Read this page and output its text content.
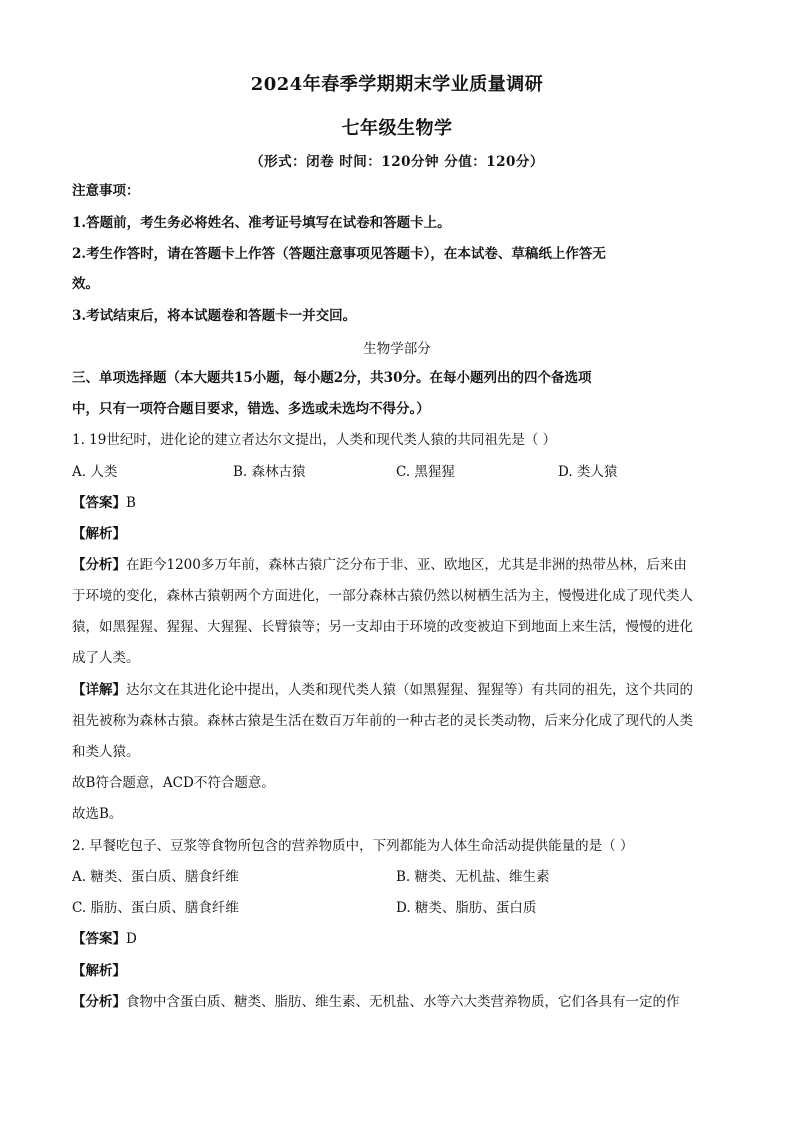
2024年春季学期期末学业质量调研
七年级生物学
（形式：闭卷 时间：120分钟 分值：120分）
注意事项：
1.答题前，考生务必将姓名、准考证号填写在试卷和答题卡上。
2.考生作答时，请在答题卡上作答（答题注意事项见答题卡），在本试卷、草稿纸上作答无
效。
3.考试结束后，将本试题卷和答题卡一并交回。
生物学部分
三、单项选择题（本大题共15小题，每小题2分，共30分。在每小题列出的四个备选项
中，只有一项符合题目要求，错选、多选或未选均不得分。）
1. 19世纪时，进化论的建立者达尔文提出，人类和现代类人猿的共同祖先是（ ）
A. 人类	B. 森林古猿	C. 黑猩猩	D. 类人猿
【答案】B
【解析】
【分析】在距今1200多万年前，森林古猿广泛分布于非、亚、欧地区，尤其是非洲的热带丛林，后来由
于环境的变化，森林古猿朝两个方面进化，一部分森林古猿仍然以树栖生活为主，慢慢进化成了现代类人
猿，如黑猩猩、猩猩、大猩猩、长臂猿等；另一支却由于环境的改变被迫下到地面上来生活，慢慢的进化
成了人类。
【详解】达尔文在其进化论中提出，人类和现代类人猿（如黑猩猩、猩猩等）有共同的祖先，这个共同的
祖先被称为森林古猿。森林古猿是生活在数百万年前的一种古老的灵长类动物，后来分化成了现代的人类
和类人猿。
故B符合题意，ACD不符合题意。
故选B。
2. 早餐吃包子、豆浆等食物所包含的营养物质中，下列都能为人体生命活动提供能量的是（ ）
A. 糖类、蛋白质、膳食纤维	B. 糖类、无机盐、维生素
C. 脂肪、蛋白质、膳食纤维	D. 糖类、脂肪、蛋白质
【答案】D
【解析】
【分析】食物中含蛋白质、糖类、脂肪、维生素、无机盐、水等六大类营养物质，它们各具有一定的作
